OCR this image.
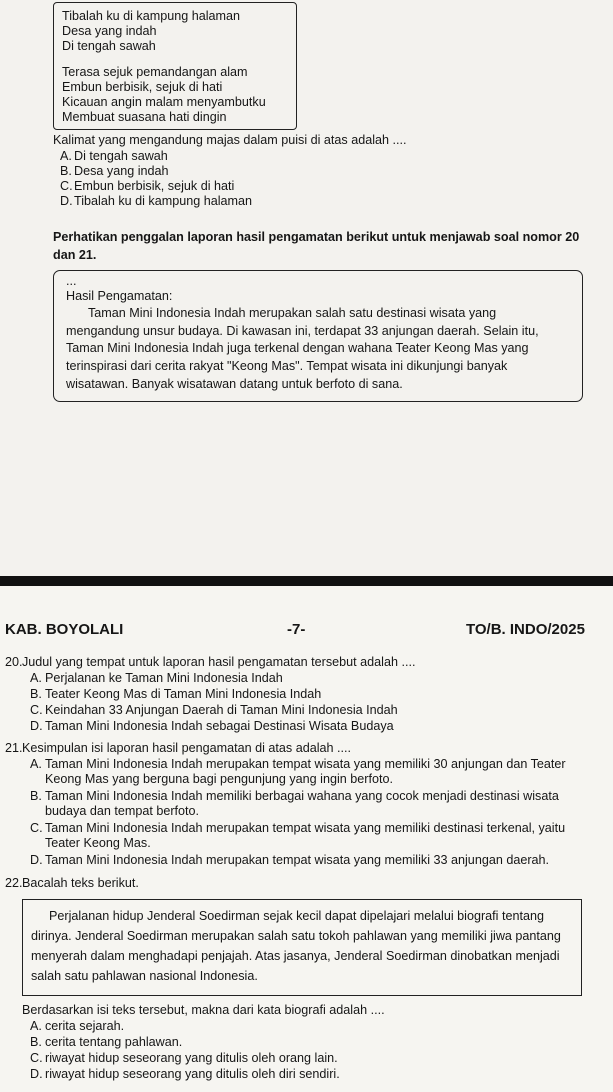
Tibalah ku di kampung halaman
Desa yang indah
Di tengah sawah
Terasa sejuk pemandangan alam
Embun berbisik, sejuk di hati
Kicauan angin malam menyambutku
Membuat suasana hati dingin
Kalimat yang mengandung majas dalam puisi di atas adalah ....
A. Di tengah sawah
B. Desa yang indah
C.Embun berbisik, sejuk di hati
D.Tibalah ku di kampung halaman
Perhatikan penggalan laporan hasil pengamatan berikut untuk menjawab soal nomor 20
dan 21.
...
Hasil Pengamatan:

Taman Mini Indonesia Indah merupakan salah satu destinasi wisata yang mengandung unsur budaya. Di kawasan ini, terdapat 33 anjungan daerah. Selain itu, Taman Mini Indonesia Indah juga terkenal dengan wahana Teater Keong Mas yang terinspirasi dari cerita rakyat "Keong Mas". Tempat wisata ini dikunjungi banyak wisatawan. Banyak wisatawan datang untuk berfoto di sana.

KAB. BOYOLALI	-7-	TO/B. INDO/2025
20. Judul yang tempat untuk laporan hasil pengamatan tersebut adalah ....
A. Perjalanan ke Taman Mini Indonesia Indah
B. Teater Keong Mas di Taman Mini Indonesia Indah
C. Keindahan 33 Anjungan Daerah di Taman Mini Indonesia Indah
D. Taman Mini Indonesia Indah sebagai Destinasi Wisata Budaya
21. Kesimpulan isi laporan hasil pengamatan di atas adalah ....
A. Taman Mini Indonesia Indah merupakan tempat wisata yang memiliki 30 anjungan dan Teater
Keong Mas yang berguna bagi pengunjung yang ingin berfoto.
B. Taman Mini Indonesia Indah memiliki berbagai wahana yang cocok menjadi destinasi wisata
budaya dan tempat berfoto.
C. Taman Mini Indonesia Indah merupakan tempat wisata yang memiliki destinasi terkenal, yaitu
Teater Keong Mas.
D. Taman Mini Indonesia Indah merupakan tempat wisata yang memiliki 33 anjungan daerah.
22. Bacalah teks berikut.

Perjalanan hidup Jenderal Soedirman sejak kecil dapat dipelajari melalui biografi tentang dirinya. Jenderal Soedirman merupakan salah satu tokoh pahlawan yang memiliki jiwa pantang menyerah dalam menghadapi penjajah. Atas jasanya, Jenderal Soedirman dinobatkan menjadi salah satu pahlawan nasional Indonesia.

Berdasarkan isi teks tersebut, makna dari kata biografi adalah ....
A. cerita sejarah.
B. cerita tentang pahlawan.
C. riwayat hidup seseorang yang ditulis oleh orang lain.
D. riwayat hidup seseorang yang ditulis oleh diri sendiri.
